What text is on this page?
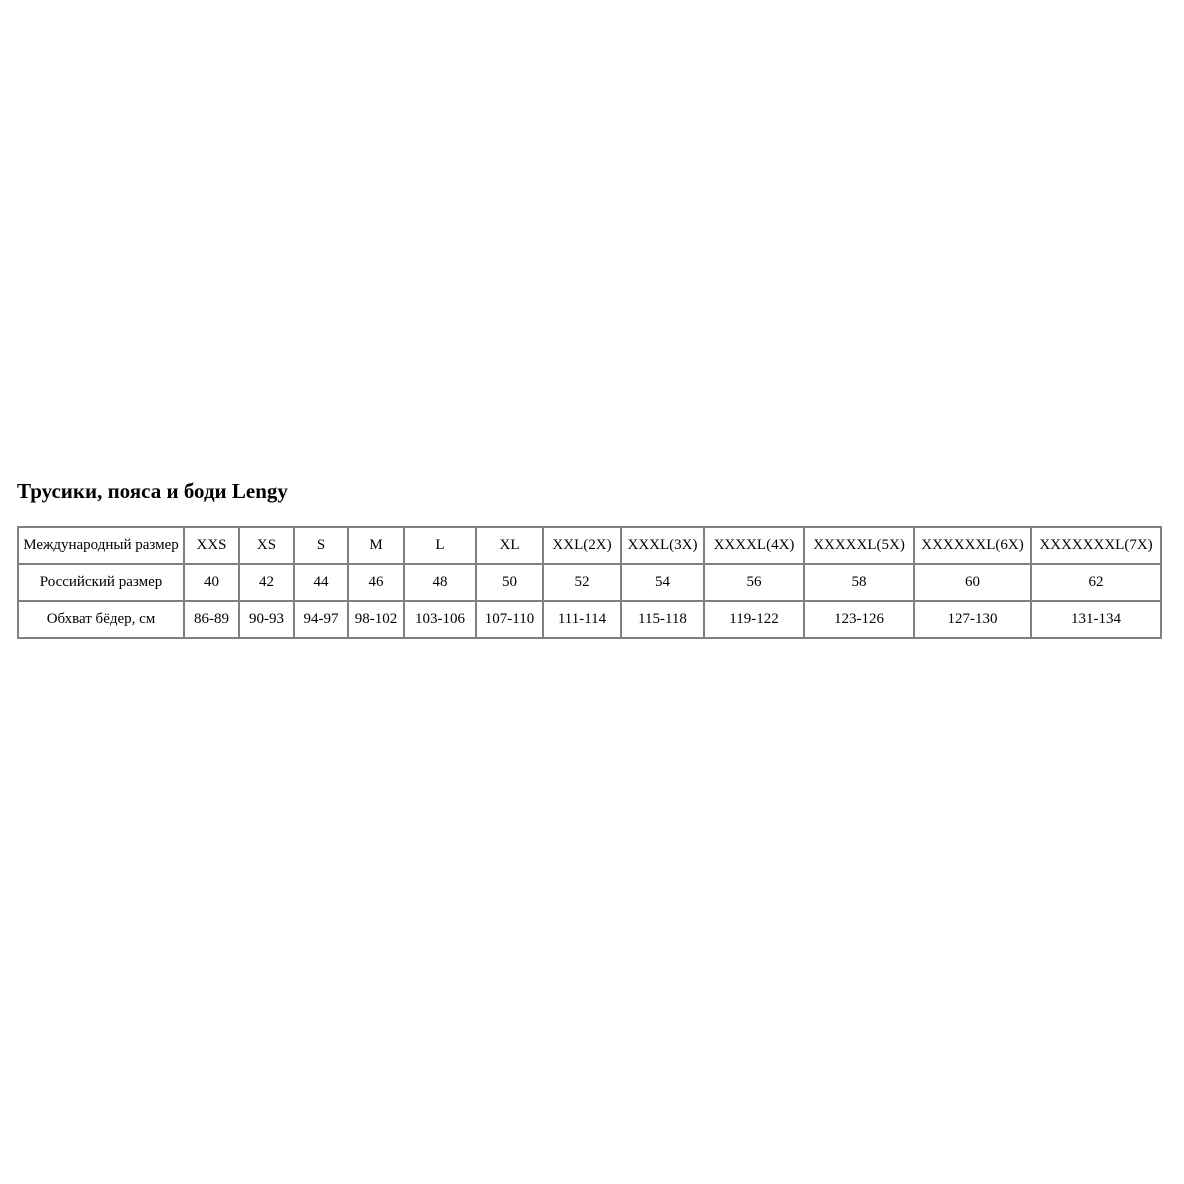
Трусики, пояса и боди Lengy
Международный размер	XXS	XS	S	M	L	XL	XXL(2X)	XXXL(3X)	XXXXL(4X)	XXXXXL(5X)	XXXXXXL(6X)	XXXXXXXL(7X)
Российский размер	40	42	44	46	48	50	52	54	56	58	60	62
Обхват бёдер, см	86-89	90-93	94-97	98-102	103-106	107-110	111-114	115-118	119-122	123-126	127-130	131-134
